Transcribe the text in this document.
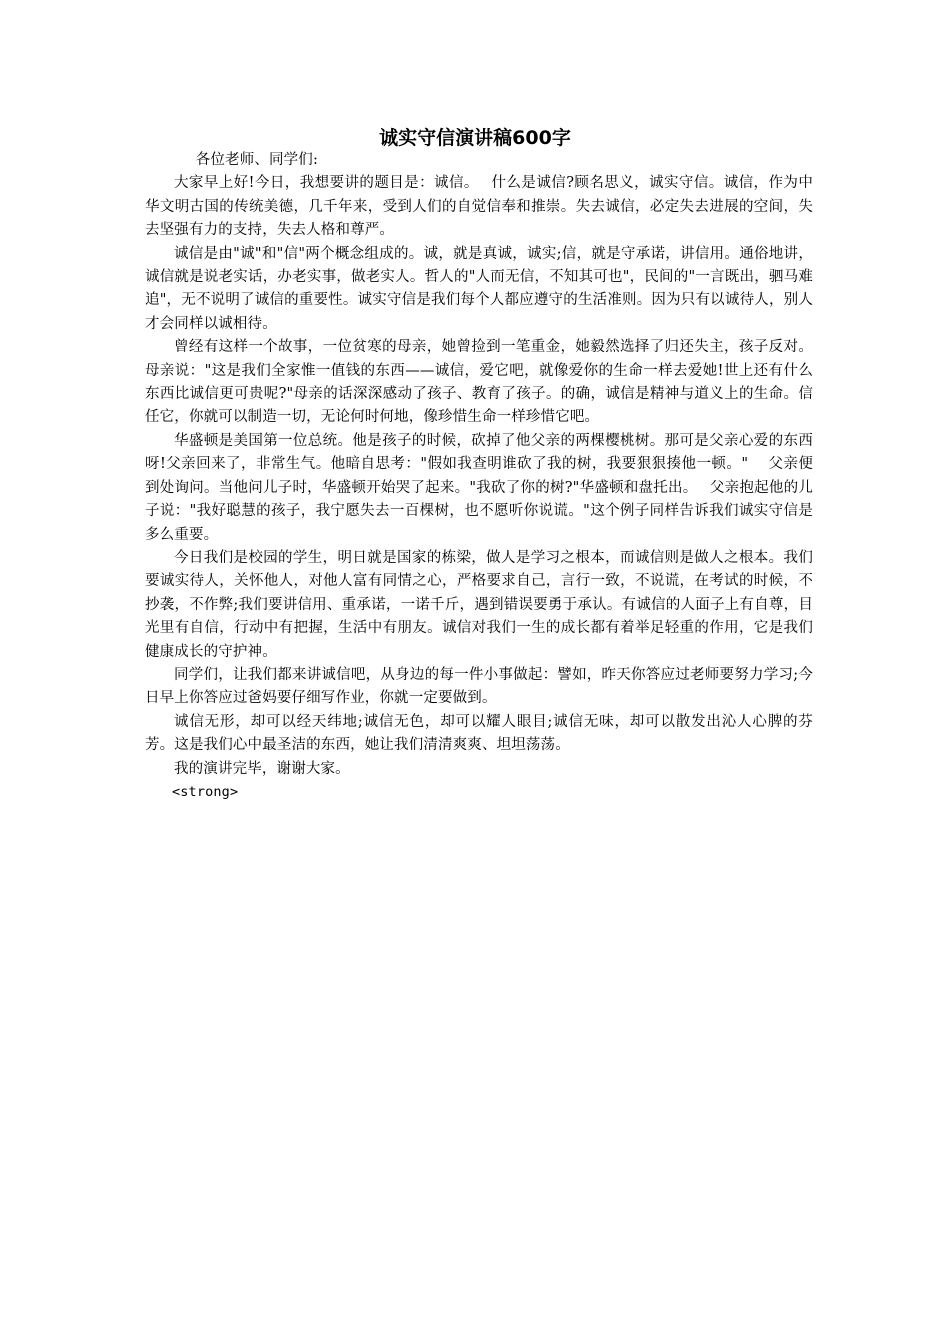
诚实守信演讲稿600字

各位老师、同学们:

大家早上好!今日，我想要讲的题目是：诚信。　 什么是诚信?顾名思义，诚实守信。诚信，作为中华文明古国的传统美德，几千年来，受到人们的自觉信奉和推崇。失去诚信，必定失去进展的空间，失去坚强有力的支持，失去人格和尊严。

诚信是由"诚"和"信"两个概念组成的。诚，就是真诚，诚实;信，就是守承诺，讲信用。通俗地讲，诚信就是说老实话，办老实事，做老实人。哲人的"人而无信，不知其可也"，民间的"一言既出，驷马难追"，无不说明了诚信的重要性。诚实守信是我们每个人都应遵守的生活准则。因为只有以诚待人，别人才会同样以诚相待。

曾经有这样一个故事，一位贫寒的母亲，她曾捡到一笔重金，她毅然选择了归还失主，孩子反对。母亲说："这是我们全家惟一值钱的东西——诚信，爱它吧，就像爱你的生命一样去爱她!世上还有什么东西比诚信更可贵呢?"母亲的话深深感动了孩子、教育了孩子。的确，诚信是精神与道义上的生命。信任它，你就可以制造一切，无论何时何地，像珍惜生命一样珍惜它吧。

华盛顿是美国第一位总统。他是孩子的时候，砍掉了他父亲的两棵樱桃树。那可是父亲心爱的东西呀!父亲回来了，非常生气。他暗自思考："假如我查明谁砍了我的树，我要狠狠揍他一顿。"　 父亲便到处询问。当他问儿子时，华盛顿开始哭了起来。"我砍了你的树?"华盛顿和盘托出。　 父亲抱起他的儿子说："我好聪慧的孩子，我宁愿失去一百棵树，也不愿听你说谎。"这个例子同样告诉我们诚实守信是多么重要。

今日我们是校园的学生，明日就是国家的栋梁，做人是学习之根本，而诚信则是做人之根本。我们要诚实待人，关怀他人，对他人富有同情之心，严格要求自己，言行一致，不说谎，在考试的时候，不抄袭，不作弊;我们要讲信用、重承诺，一诺千斤，遇到错误要勇于承认。有诚信的人面子上有自尊，目光里有自信，行动中有把握，生活中有朋友。诚信对我们一生的成长都有着举足轻重的作用，它是我们健康成长的守护神。

同学们，让我们都来讲诚信吧，从身边的每一件小事做起：譬如，昨天你答应过老师要努力学习;今日早上你答应过爸妈要仔细写作业，你就一定要做到。

诚信无形，却可以经天纬地;诚信无色，却可以耀人眼目;诚信无味，却可以散发出沁人心脾的芬芳。这是我们心中最圣洁的东西，她让我们清清爽爽、坦坦荡荡。

我的演讲完毕，谢谢大家。

<strong>
